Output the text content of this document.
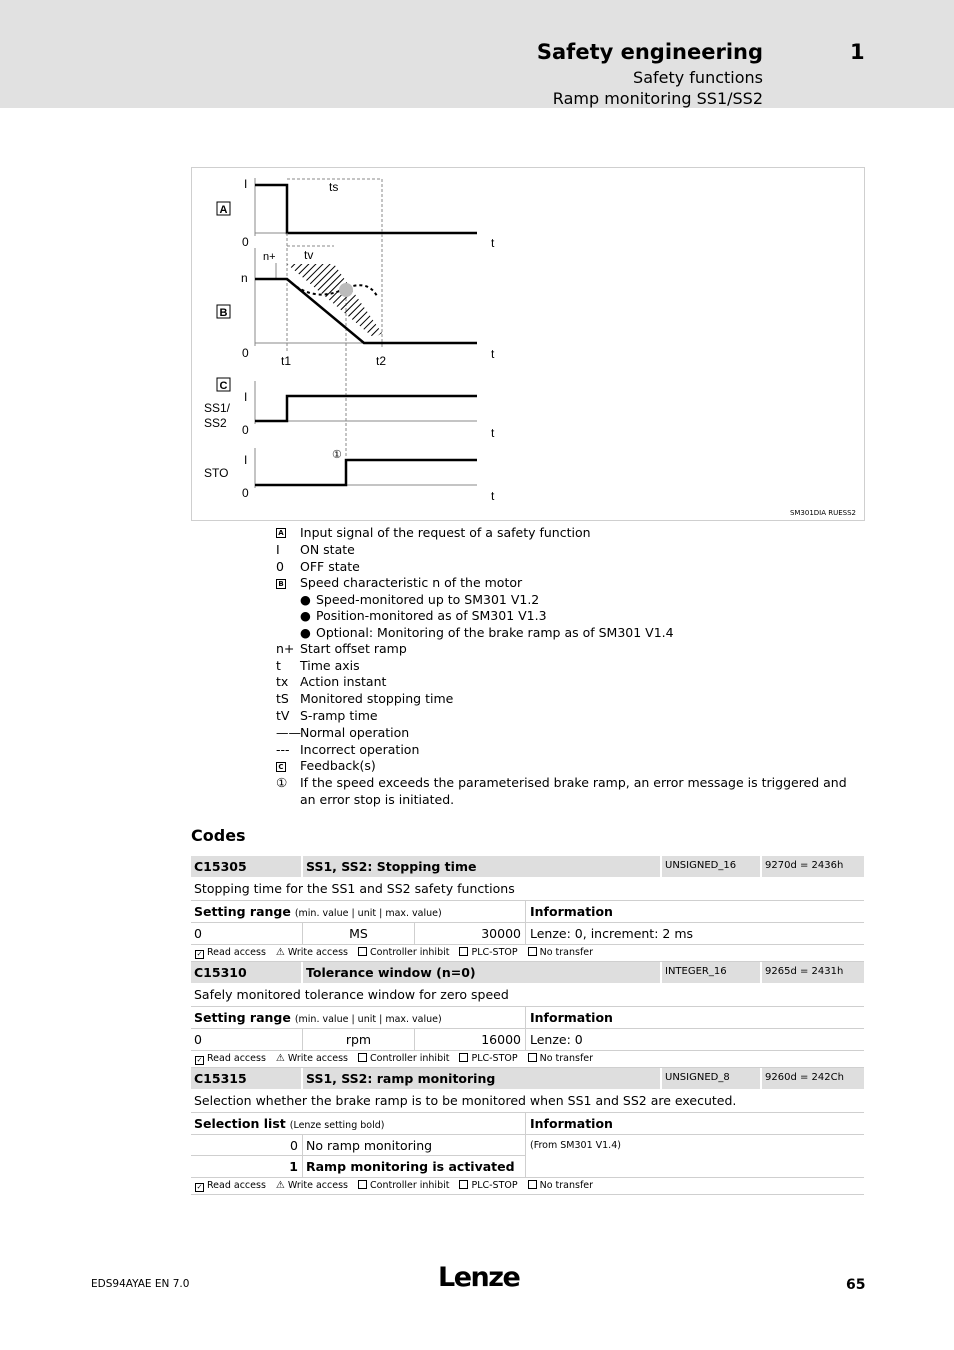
Safety engineering	1
Safety functions
Ramp monitoring SS1/SS2
A
B
C
I
0	t
ts
tv
n+
n
0	t
t1	t2
I
0	t
SS1/
SS2
I
0	t
STO
①
SM301DIA RUESS2
A Input signal of the request of a safety function
I	ON state
0	OFF state
B Speed characteristic n of the motor
● Speed-monitored up to SM301 V1.2
● Position-monitored as of SM301 V1.3
● Optional: Monitoring of the brake ramp as of SM301 V1.4
n+ Start offset ramp
t	Time axis
tx Action instant
tS Monitored stopping time
tV S-ramp time
—— Normal operation
--- Incorrect operation
C Feedback(s)
①	If the speed exceeds the parameterised brake ramp, an error message is triggered and an error stop is initiated.
Codes
C15305	SS1, SS2: Stopping time	UNSIGNED_16	9270d = 2436h
Stopping time for the SS1 and SS2 safety functions
Setting range (min. value | unit | max. value)	Information
0	MS	30000 Lenze: 0, increment: 2 ms
✓ Read access ⚠ Write access	Controller inhibit	PLC-STOP	No transfer
C15310	Tolerance window (n=0)	INTEGER_16	9265d = 2431h
Safely monitored tolerance window for zero speed
Setting range (min. value | unit | max. value)	Information
0	rpm	16000 Lenze: 0
✓ Read access ⚠ Write access	Controller inhibit	PLC-STOP	No transfer
C15315	SS1, SS2: ramp monitoring	UNSIGNED_8	9260d = 242Ch
Selection whether the brake ramp is to be monitored when SS1 and SS2 are executed.
Selection list (Lenze setting bold)	Information
0 No ramp monitoring	(From SM301 V1.4)
1 Ramp monitoring is activated
✓ Read access ⚠ Write access	Controller inhibit	PLC-STOP	No transfer
EDS94AYAE EN 7.0	Lenze	65
